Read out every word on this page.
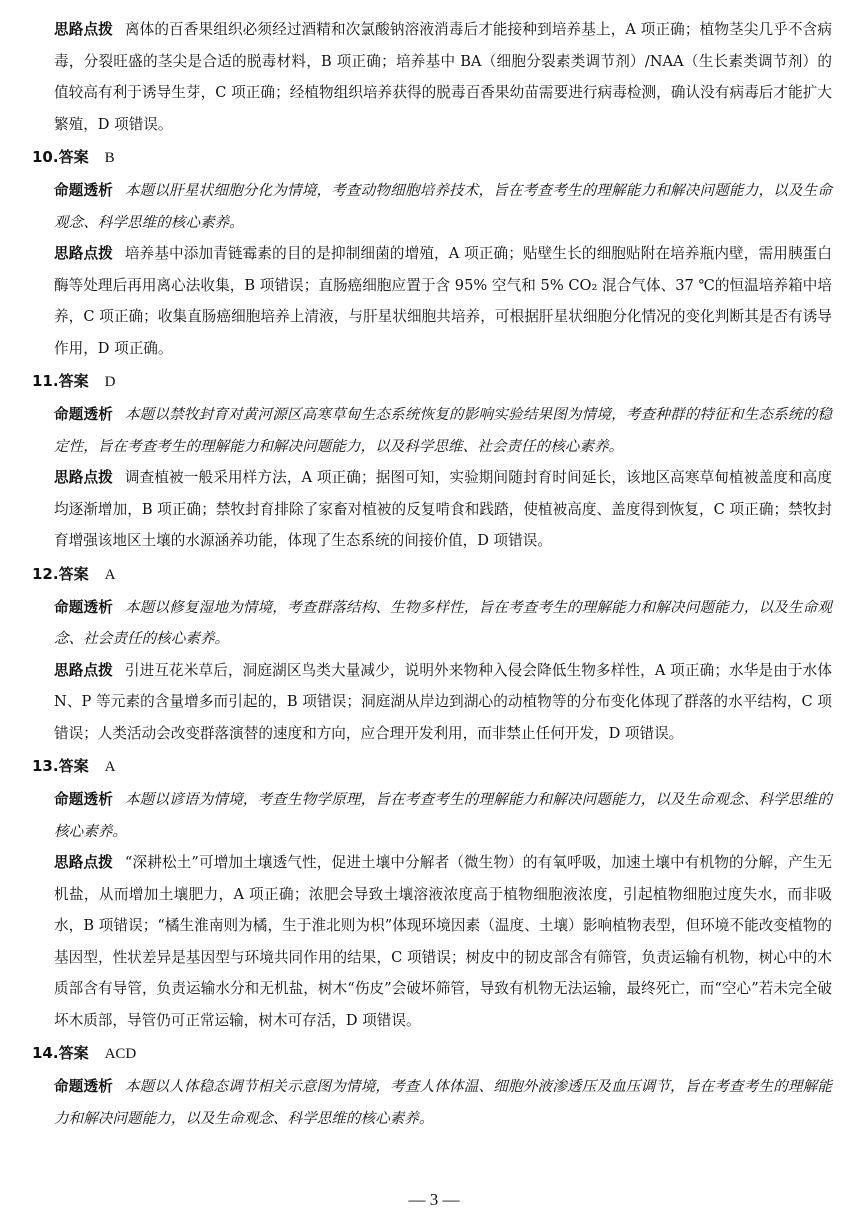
思路点拨 离体的百香果组织必须经过酒精和次氯酸钠溶液消毒后才能接种到培养基上，A 项正确；植物茎尖几乎不含病毒，分裂旺盛的茎尖是合适的脱毒材料，B 项正确；培养基中 BA（细胞分裂素类调节剂）/NAA（生长素类调节剂）的值较高有利于诱导生芽，C 项正确；经植物组织培养获得的脱毒百香果幼苗需要进行病毒检测，确认没有病毒后才能扩大繁殖，D 项错误。

10.答案 B

命题透析 本题以肝星状细胞分化为情境，考查动物细胞培养技术，旨在考查考生的理解能力和解决问题能力，以及生命观念、科学思维的核心素养。

思路点拨 培养基中添加青链霉素的目的是抑制细菌的增殖，A 项正确；贴壁生长的细胞贴附在培养瓶内壁，需用胰蛋白酶等处理后再用离心法收集，B 项错误；直肠癌细胞应置于含 95% 空气和 5% CO₂ 混合气体、37 ℃的恒温培养箱中培养，C 项正确；收集直肠癌细胞培养上清液，与肝星状细胞共培养，可根据肝星状细胞分化情况的变化判断其是否有诱导作用，D 项正确。

11.答案 D

命题透析 本题以禁牧封育对黄河源区高寒草甸生态系统恢复的影响实验结果图为情境，考查种群的特征和生态系统的稳定性，旨在考查考生的理解能力和解决问题能力，以及科学思维、社会责任的核心素养。

思路点拨 调查植被一般采用样方法，A 项正确；据图可知，实验期间随封育时间延长，该地区高寒草甸植被盖度和高度均逐渐增加，B 项正确；禁牧封育排除了家畜对植被的反复啃食和践踏，使植被高度、盖度得到恢复，C 项正确；禁牧封育增强该地区土壤的水源涵养功能，体现了生态系统的间接价值，D 项错误。

12.答案 A

命题透析 本题以修复湿地为情境，考查群落结构、生物多样性，旨在考查考生的理解能力和解决问题能力，以及生命观念、社会责任的核心素养。

思路点拨 引进互花米草后，洞庭湖区鸟类大量减少，说明外来物种入侵会降低生物多样性，A 项正确；水华是由于水体 N、P 等元素的含量增多而引起的，B 项错误；洞庭湖从岸边到湖心的动植物等的分布变化体现了群落的水平结构，C 项错误；人类活动会改变群落演替的速度和方向，应合理开发利用，而非禁止任何开发，D 项错误。

13.答案 A

命题透析 本题以谚语为情境，考查生物学原理，旨在考查考生的理解能力和解决问题能力，以及生命观念、科学思维的核心素养。

思路点拨 “深耕松土”可增加土壤透气性，促进土壤中分解者（微生物）的有氧呼吸，加速土壤中有机物的分解，产生无机盐，从而增加土壤肥力，A 项正确；浓肥会导致土壤溶液浓度高于植物细胞液浓度，引起植物细胞过度失水，而非吸水，B 项错误；“橘生淮南则为橘，生于淮北则为枳”体现环境因素（温度、土壤）影响植物表型，但环境不能改变植物的基因型，性状差异是基因型与环境共同作用的结果，C 项错误；树皮中的韧皮部含有筛管，负责运输有机物，树心中的木质部含有导管，负责运输水分和无机盐，树木“伤皮”会破坏筛管，导致有机物无法运输，最终死亡，而“空心”若未完全破坏木质部，导管仍可正常运输，树木可存活，D 项错误。

14.答案 ACD

命题透析 本题以人体稳态调节相关示意图为情境，考查人体体温、细胞外液渗透压及血压调节，旨在考查考生的理解能力和解决问题能力，以及生命观念、科学思维的核心素养。

— 3 —
